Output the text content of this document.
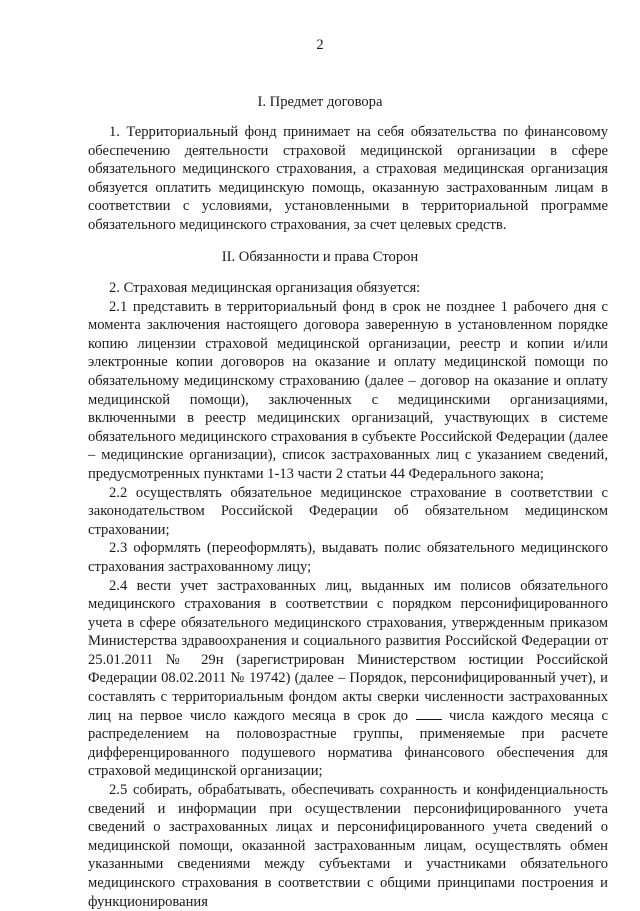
2
I. Предмет договора

1. Территориальный фонд принимает на себя обязательства по финансовому обеспечению деятельности страховой медицинской организации в сфере обязательного медицинского страхования, а страховая медицинская организация обязуется оплатить медицинскую помощь, оказанную застрахованным лицам в соответствии с условиями, установленными в территориальной программе обязательного медицинского страхования, за счет целевых средств.

II. Обязанности и права Сторон

2. Страховая медицинская организация обязуется:

2.1 представить в территориальный фонд в срок не позднее 1 рабочего дня с момента заключения настоящего договора заверенную в установленном порядке копию лицензии страховой медицинской организации, реестр и копии и/или электронные копии договоров на оказание и оплату медицинской помощи по обязательному медицинскому страхованию (далее – договор на оказание и оплату медицинской помощи), заключенных с медицинскими организациями, включенными в реестр медицинских организаций, участвующих в системе обязательного медицинского страхования в субъекте Российской Федерации (далее – медицинские организации), список застрахованных лиц с указанием сведений, предусмотренных пунктами 1-13 части 2 статьи 44 Федерального закона;

2.2 осуществлять обязательное медицинское страхование в соответствии с законодательством Российской Федерации об обязательном медицинском страховании;

2.3 оформлять (переоформлять), выдавать полис обязательного медицинского страхования застрахованному лицу;

2.4 вести учет застрахованных лиц, выданных им полисов обязательного медицинского страхования в соответствии с порядком персонифицированного учета в сфере обязательного медицинского страхования, утвержденным приказом Министерства здравоохранения и социального развития Российской Федерации от 25.01.2011 № 29н (зарегистрирован Министерством юстиции Российской Федерации 08.02.2011 № 19742) (далее – Порядок, персонифицированный учет), и составлять с территориальным фондом акты сверки численности застрахованных лиц на первое число каждого месяца в срок до	числа каждого месяца с распределением на половозрастные группы, применяемые при расчете дифференцированного подушевого норматива финансового обеспечения для страховой медицинской организации;

2.5 собирать, обрабатывать, обеспечивать сохранность и конфиденциальность сведений и информации при осуществлении персонифицированного учета сведений о застрахованных лицах и персонифицированного учета сведений о медицинской помощи, оказанной застрахованным лицам, осуществлять обмен указанными сведениями между субъектами и участниками обязательного медицинского страхования в соответствии с общими принципами построения и функционирования
